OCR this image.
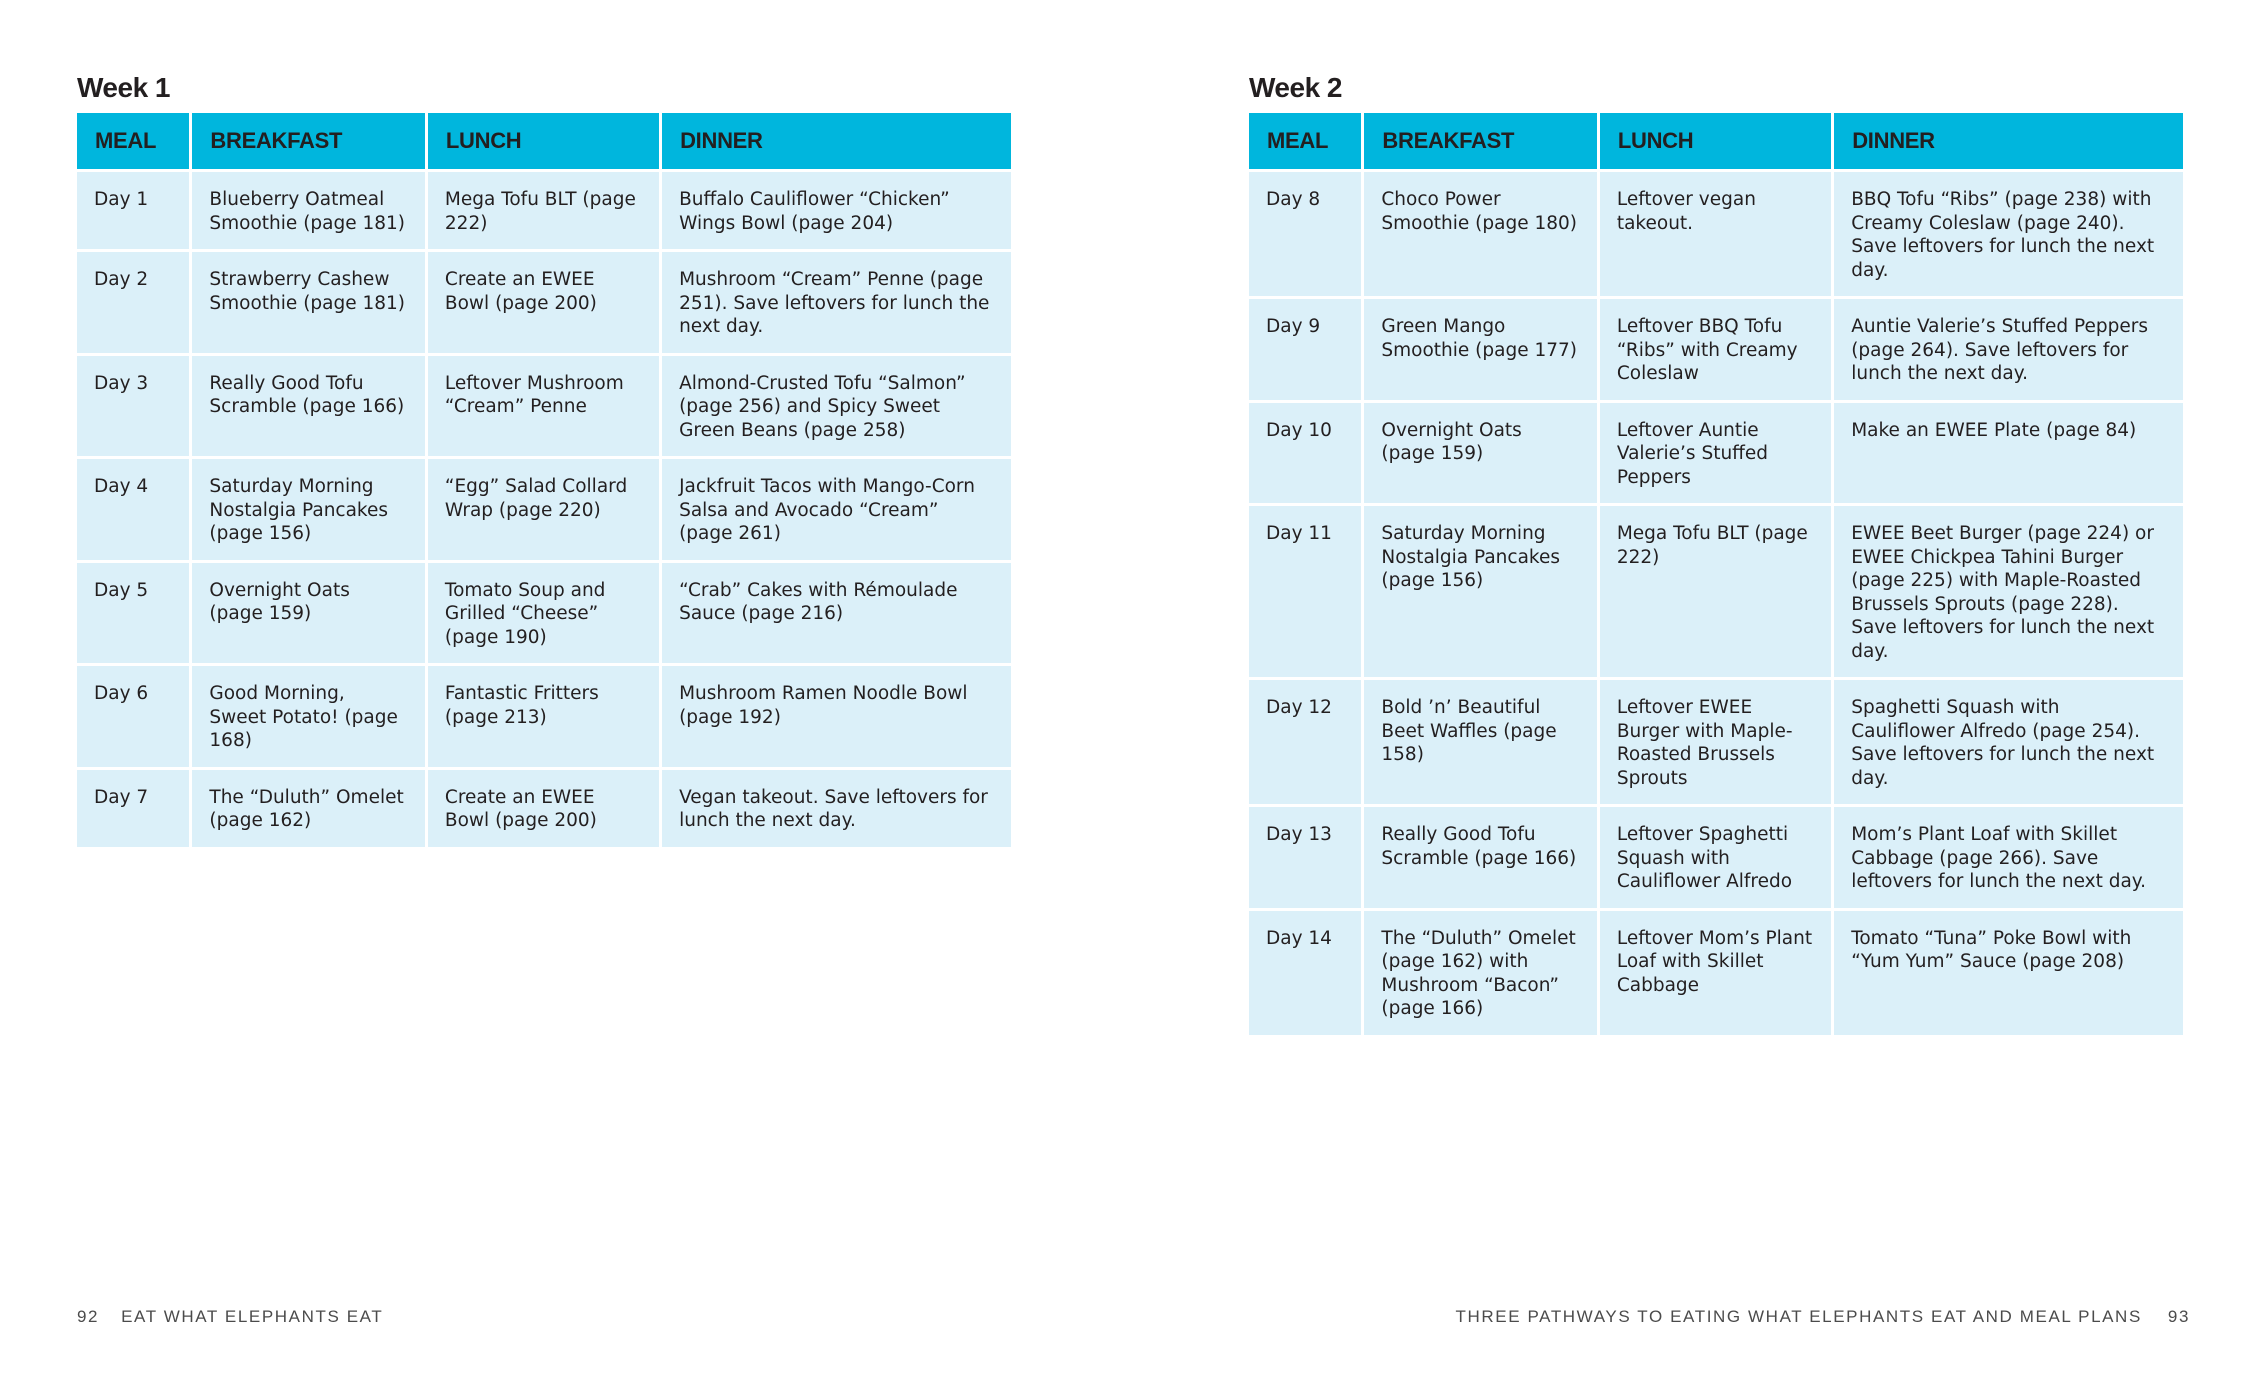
Week 1
MEAL	BREAKFAST	LUNCH	DINNER
Day 1	Blueberry Oatmeal Smoothie (page 181)	Mega Tofu BLT (page 222)	Buffalo Cauliflower “Chicken” Wings Bowl (page 204)
Day 2	Strawberry Cashew Smoothie (page 181)	Create an EWEE Bowl (page 200)	Mushroom “Cream” Penne (page 251). Save leftovers for lunch the next day.
Day 3	Really Good Tofu Scramble (page 166)	Leftover Mushroom “Cream” Penne	Almond-Crusted Tofu “Salmon” (page 256) and Spicy Sweet Green Beans (page 258)
Day 4	Saturday Morning Nostalgia Pancakes (page 156)	“Egg” Salad Collard Wrap (page 220)	Jackfruit Tacos with Mango-Corn Salsa and Avocado “Cream” (page 261)
Day 5	Overnight Oats (page 159)	Tomato Soup and Grilled “Cheese” (page 190)	“Crab” Cakes with Rémoulade Sauce (page 216)
Day 6	Good Morning, Sweet Potato! (page 168)	Fantastic Fritters (page 213)	Mushroom Ramen Noodle Bowl (page 192)
Day 7	The “Duluth” Omelet (page 162)	Create an EWEE Bowl (page 200)	Vegan takeout. Save leftovers for lunch the next day.
92 EAT WHAT ELEPHANTS EAT
Week 2
MEAL	BREAKFAST	LUNCH	DINNER
Day 8	Choco Power Smoothie (page 180)	Leftover vegan takeout.	BBQ Tofu “Ribs” (page 238) with Creamy Coleslaw (page 240). Save leftovers for lunch the next day.
Day 9	Green Mango Smoothie (page 177)	Leftover BBQ Tofu “Ribs” with Creamy Coleslaw	Auntie Valerie’s Stuffed Peppers (page 264). Save leftovers for lunch the next day.
Day 10	Overnight Oats (page 159)	Leftover Auntie Valerie’s Stuffed Peppers	Make an EWEE Plate (page 84)
Day 11	Saturday Morning Nostalgia Pancakes (page 156)	Mega Tofu BLT (page 222)	EWEE Beet Burger (page 224) or EWEE Chickpea Tahini Burger (page 225) with Maple-Roasted Brussels Sprouts (page 228). Save leftovers for lunch the next day.
Day 12	Bold ’n’ Beautiful Beet Waffles (page 158)	Leftover EWEE Burger with Maple-Roasted Brussels Sprouts	Spaghetti Squash with Cauliflower Alfredo (page 254). Save leftovers for lunch the next day.
Day 13	Really Good Tofu Scramble (page 166)	Leftover Spaghetti Squash with Cauliflower Alfredo	Mom’s Plant Loaf with Skillet Cabbage (page 266). Save leftovers for lunch the next day.
Day 14	The “Duluth” Omelet (page 162) with Mushroom “Bacon” (page 166)	Leftover Mom’s Plant Loaf with Skillet Cabbage	Tomato “Tuna” Poke Bowl with “Yum Yum” Sauce (page 208)
THREE PATHWAYS TO EATING WHAT ELEPHANTS EAT AND MEAL PLANS 93
